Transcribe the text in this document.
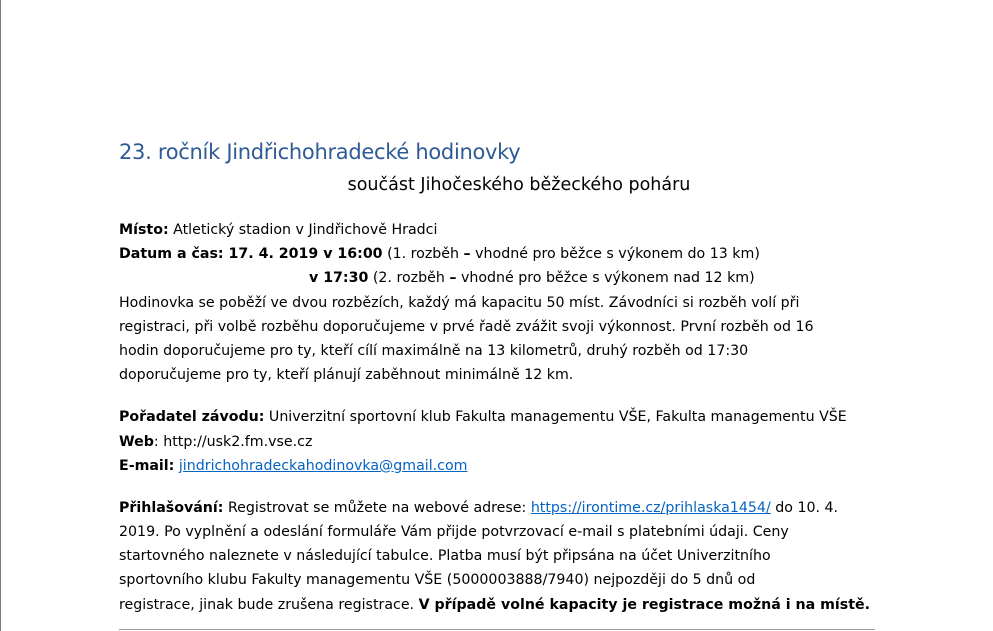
23. ročník Jindřichohradecké hodinovky
součást Jihočeského běžeckého poháru
Místo: Atletický stadion v Jindřichově Hradci
Datum a čas: 17. 4. 2019 v 16:00 (1. rozběh – vhodné pro běžce s výkonem do 13 km)
v 17:30 (2. rozběh – vhodné pro běžce s výkonem nad 12 km)
Hodinovka se poběží ve dvou rozbězích, každý má kapacitu 50 míst. Závodníci si rozběh volí při
registraci, při volbě rozběhu doporučujeme v prvé řadě zvážit svoji výkonnost. První rozběh od 16
hodin doporučujeme pro ty, kteří cílí maximálně na 13 kilometrů, druhý rozběh od 17:30
doporučujeme pro ty, kteří plánují zaběhnout minimálně 12 km.
Pořadatel závodu: Univerzitní sportovní klub Fakulta managementu VŠE, Fakulta managementu VŠE
Web: http://usk2.fm.vse.cz
E-mail: jindrichohradeckahodinovka@gmail.com
Přihlašování: Registrovat se můžete na webové adrese: https://irontime.cz/prihlaska1454/ do 10. 4.
2019. Po vyplnění a odeslání formuláře Vám přijde potvrzovací e-mail s platebními údaji. Ceny
startovného naleznete v následující tabulce. Platba musí být připsána na účet Univerzitního
sportovního klubu Fakulty managementu VŠE (5000003888/7940) nejpozději do 5 dnů od
registrace, jinak bude zrušena registrace. V případě volné kapacity je registrace možná i na místě.
